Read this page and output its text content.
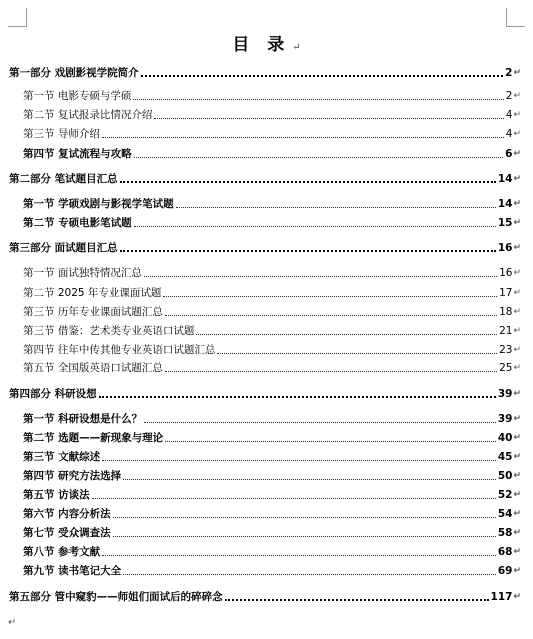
目 录 ↵
第一部分 戏剧影视学院简介	2 ↵
第一节 电影专硕与学硕	2 ↵
第二节 复试报录比情况介绍	4 ↵
第三节 导师介绍	4 ↵
第四节 复试流程与攻略	6 ↵
第二部分 笔试题目汇总	14 ↵
第一节 学硕戏剧与影视学笔试题	14 ↵
第二节 专硕电影笔试题	15 ↵
第三部分 面试题目汇总	16 ↵
第一节 面试独特情况汇总	16 ↵
第二节 2025 年专业课面试题	17 ↵
第三节 历年专业课面试题汇总	18 ↵
第三节 借鉴：艺术类专业英语口试题	21 ↵
第四节 往年中传其他专业英语口试题汇总	23 ↵
第五节 全国版英语口试题汇总	25 ↵
第四部分 科研设想	39 ↵
第一节 科研设想是什么？	39 ↵
第二节 选题——新现象与理论	40 ↵
第三节 文献综述	45 ↵
第四节 研究方法选择	50 ↵
第五节 访谈法	52 ↵
第六节 内容分析法	54 ↵
第七节 受众调查法	58 ↵
第八节 参考文献	68 ↵
第九节 读书笔记大全	69 ↵
第五部分 管中窥豹——师姐们面试后的碎碎念	117 ↵
↵
